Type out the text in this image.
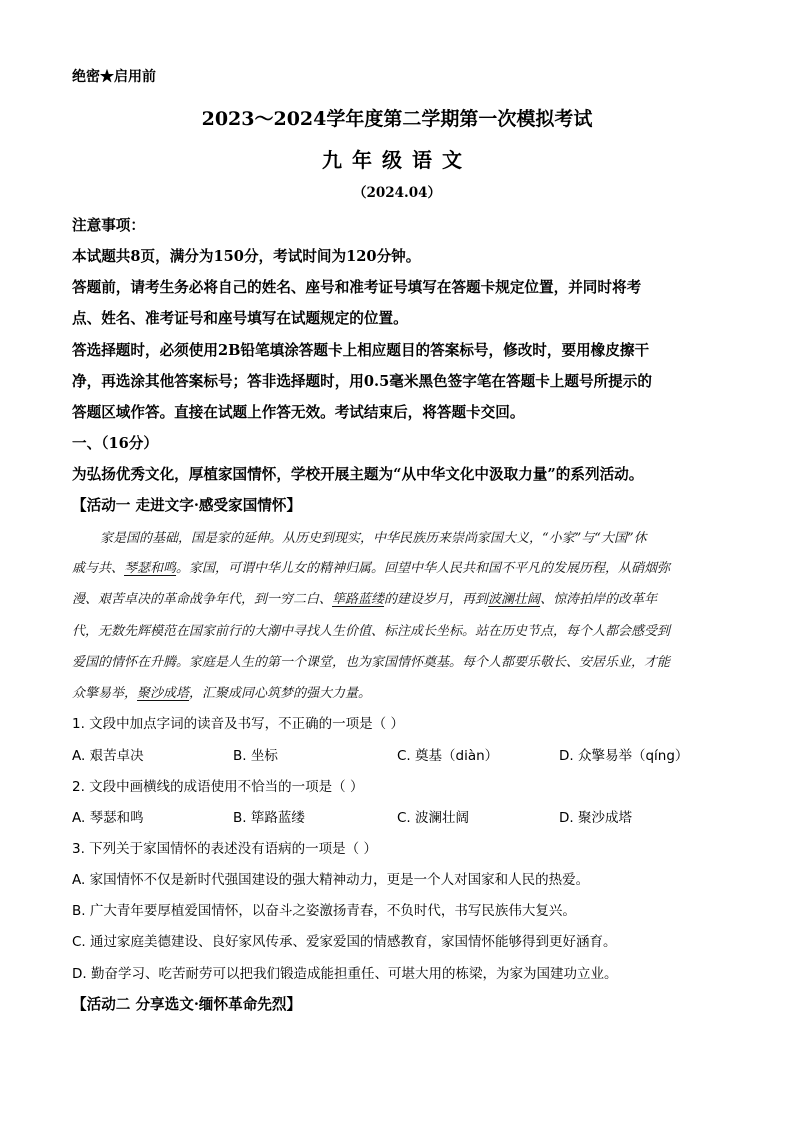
绝密★启用前
2023～2024学年度第二学期第一次模拟考试
九年级语文
（2024.04）
注意事项：
本试题共8页，满分为150分，考试时间为120分钟。
答题前，请考生务必将自己的姓名、座号和准考证号填写在答题卡规定位置，并同时将考
点、姓名、准考证号和座号填写在试题规定的位置。
答选择题时，必须使用2B铅笔填涂答题卡上相应题目的答案标号，修改时，要用橡皮擦干
净，再选涂其他答案标号；答非选择题时，用0.5毫米黑色签字笔在答题卡上题号所提示的
答题区域作答。直接在试题上作答无效。考试结束后，将答题卡交回。
一、（16分）
为弘扬优秀文化，厚植家国情怀，学校开展主题为“从中华文化中汲取力量”的系列活动。
【活动一 走进文字·感受家国情怀】
家是国的基础，国是家的延伸。从历史到现实，中华民族历来崇尚家国大义，“小家”与“大国”休
戚与共、琴瑟和鸣。家国，可谓中华儿女的精神归属。回望中华人民共和国不平凡的发展历程，从硝烟弥
漫、艰苦卓决的革命战争年代，到一穷二白、筚路蓝缕的建设岁月，再到波澜壮阔、惊涛拍岸的改革年
代，无数先辉模范在国家前行的大潮中寻找人生价值、标注成长坐标。站在历史节点，每个人都会感受到
爱国的情怀在升腾。家庭是人生的第一个课堂，也为家国情怀奠基。每个人都要乐敬长、安居乐业，才能
众擎易举，聚沙成塔，汇聚成同心筑梦的强大力量。
1. 文段中加点字词的读音及书写，不正确的一项是（ ）
A. 艰苦卓决	B. 坐标	C. 奠基（diàn）	D. 众擎易举（qíng）
2. 文段中画横线的成语使用不恰当的一项是（ ）
A. 琴瑟和鸣	B. 筚路蓝缕	C. 波澜壮阔	D. 聚沙成塔
3. 下列关于家国情怀的表述没有语病的一项是（ ）
A. 家国情怀不仅是新时代强国建设的强大精神动力，更是一个人对国家和人民的热爱。
B. 广大青年要厚植爱国情怀，以奋斗之姿激扬青春，不负时代，书写民族伟大复兴。
C. 通过家庭美德建设、良好家风传承、爱家爱国的情感教育，家国情怀能够得到更好涵育。
D. 勤奋学习、吃苦耐劳可以把我们锻造成能担重任、可堪大用的栋梁，为家为国建功立业。
【活动二 分享选文·缅怀革命先烈】
